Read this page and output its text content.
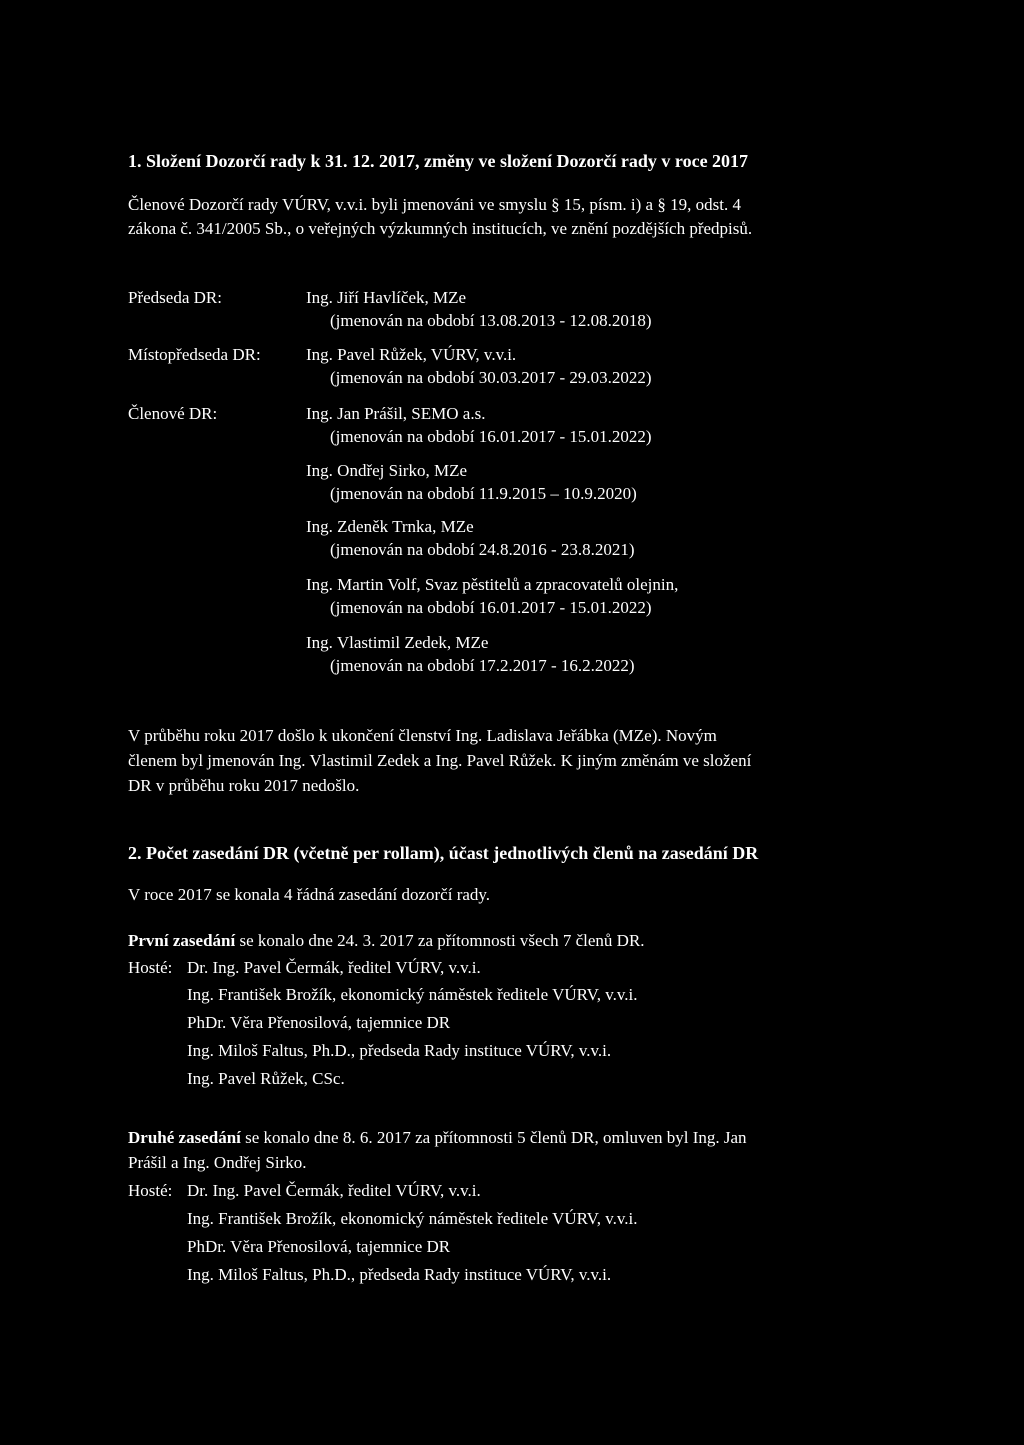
1. Složení Dozorčí rady k 31. 12. 2017, změny ve složení Dozorčí rady v roce 2017
Členové Dozorčí rady VÚRV, v.v.i. byli jmenováni ve smyslu § 15, písm. i) a § 19, odst. 4
zákona č. 341/2005 Sb., o veřejných výzkumných institucích, ve znění pozdějších předpisů.
Předseda DR:
Místopředseda DR:
Členové DR:
Ing. Jiří Havlíček, MZe
(jmenován na období 13.08.2013 - 12.08.2018)
Ing. Pavel Růžek, VÚRV, v.v.i.
(jmenován na období 30.03.2017 - 29.03.2022)
Ing. Jan Prášil, SEMO a.s.
(jmenován na období 16.01.2017 - 15.01.2022)
Ing. Ondřej Sirko, MZe
(jmenován na období 11.9.2015 – 10.9.2020)
Ing. Zdeněk Trnka, MZe
(jmenován na období 24.8.2016 - 23.8.2021)
Ing. Martin Volf, Svaz pěstitelů a zpracovatelů olejnin,
(jmenován na období 16.01.2017 - 15.01.2022)
Ing. Vlastimil Zedek, MZe
(jmenován na období 17.2.2017 - 16.2.2022)
V průběhu roku 2017 došlo k ukončení členství Ing. Ladislava Jeřábka (MZe). Novým
členem byl jmenován Ing. Vlastimil Zedek a Ing. Pavel Růžek. K jiným změnám ve složení
DR v průběhu roku 2017 nedošlo.
2. Počet zasedání DR (včetně per rollam), účast jednotlivých členů na zasedání DR
V roce 2017 se konala 4 řádná zasedání dozorčí rady.
První zasedání se konalo dne 24. 3. 2017 za přítomnosti všech 7 členů DR.
Hosté: Dr. Ing. Pavel Čermák, ředitel VÚRV, v.v.i.
Ing. František Brožík, ekonomický náměstek ředitele VÚRV, v.v.i.
PhDr. Věra Přenosilová, tajemnice DR
Ing. Miloš Faltus, Ph.D., předseda Rady instituce VÚRV, v.v.i.
Ing. Pavel Růžek, CSc.
Druhé zasedání se konalo dne 8. 6. 2017 za přítomnosti 5 členů DR, omluven byl Ing. Jan
Prášil a Ing. Ondřej Sirko.
Hosté: Dr. Ing. Pavel Čermák, ředitel VÚRV, v.v.i.
Ing. František Brožík, ekonomický náměstek ředitele VÚRV, v.v.i.
PhDr. Věra Přenosilová, tajemnice DR
Ing. Miloš Faltus, Ph.D., předseda Rady instituce VÚRV, v.v.i.
